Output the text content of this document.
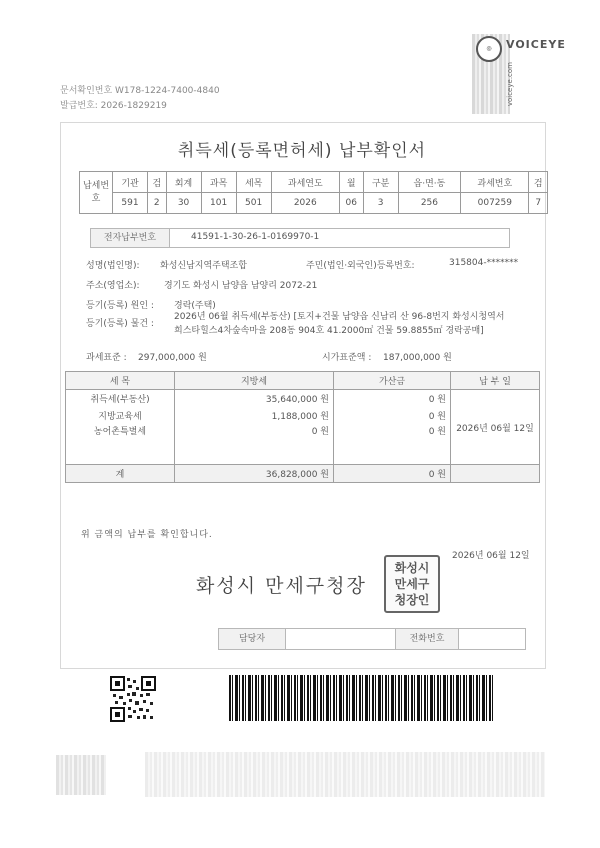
문서확인번호 W178-1224-7400-4840
발급번호: 2026-1829219
◎	VOICEYE
voiceye.com
취득세(등록면허세) 납부확인서
납세번호	기관	검	회계	과목	세목	과세연도	월	구분	읍·면·동	과세번호	검
	591	2	30	101	501	2026	06	3	256	007259	7
전자납부번호	41591-1-30-26-1-0169970-1
성명(법인명): 화성신남지역주택조합	주민(법인·외국인)등록번호:	315804-*******
주소(영업소):	경기도 화성시 남양읍 남양리 2072-21
등기(등록) 원인 : 경락(주택)
등기(등록) 물건 :
2026년 06월 취득세(부동산) [토지+건물 남양읍 신남리 산 96-8번지 화성시청역서
희스타힐스4차숲속마을 208동 904호 41.2000㎡ 건물 59.8855㎡ 경락공매]
과세표준 : 297,000,000 원	시가표준액 : 187,000,000 원
세 목	지방세	가산금	납 부 일
취득세(부동산)	35,640,000 원	0 원	2026년 06월 12일
지방교육세	1,188,000 원	0 원	
농어촌특별세	0 원	0 원	
계	36,828,000 원	0 원	
위 금액의 납부를 확인합니다.
2026년 06월 12일
화성시 만세구청장
화성시
만세구
청장인
담당자	전화번호
